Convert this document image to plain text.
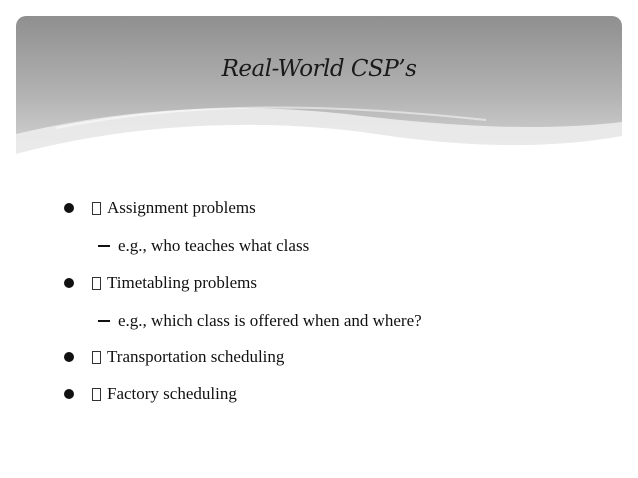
Real-World CSP’s
Assignment problems
e.g., who teaches what class
Timetabling problems
e.g., which class is offered when and where?
Transportation scheduling
Factory scheduling
